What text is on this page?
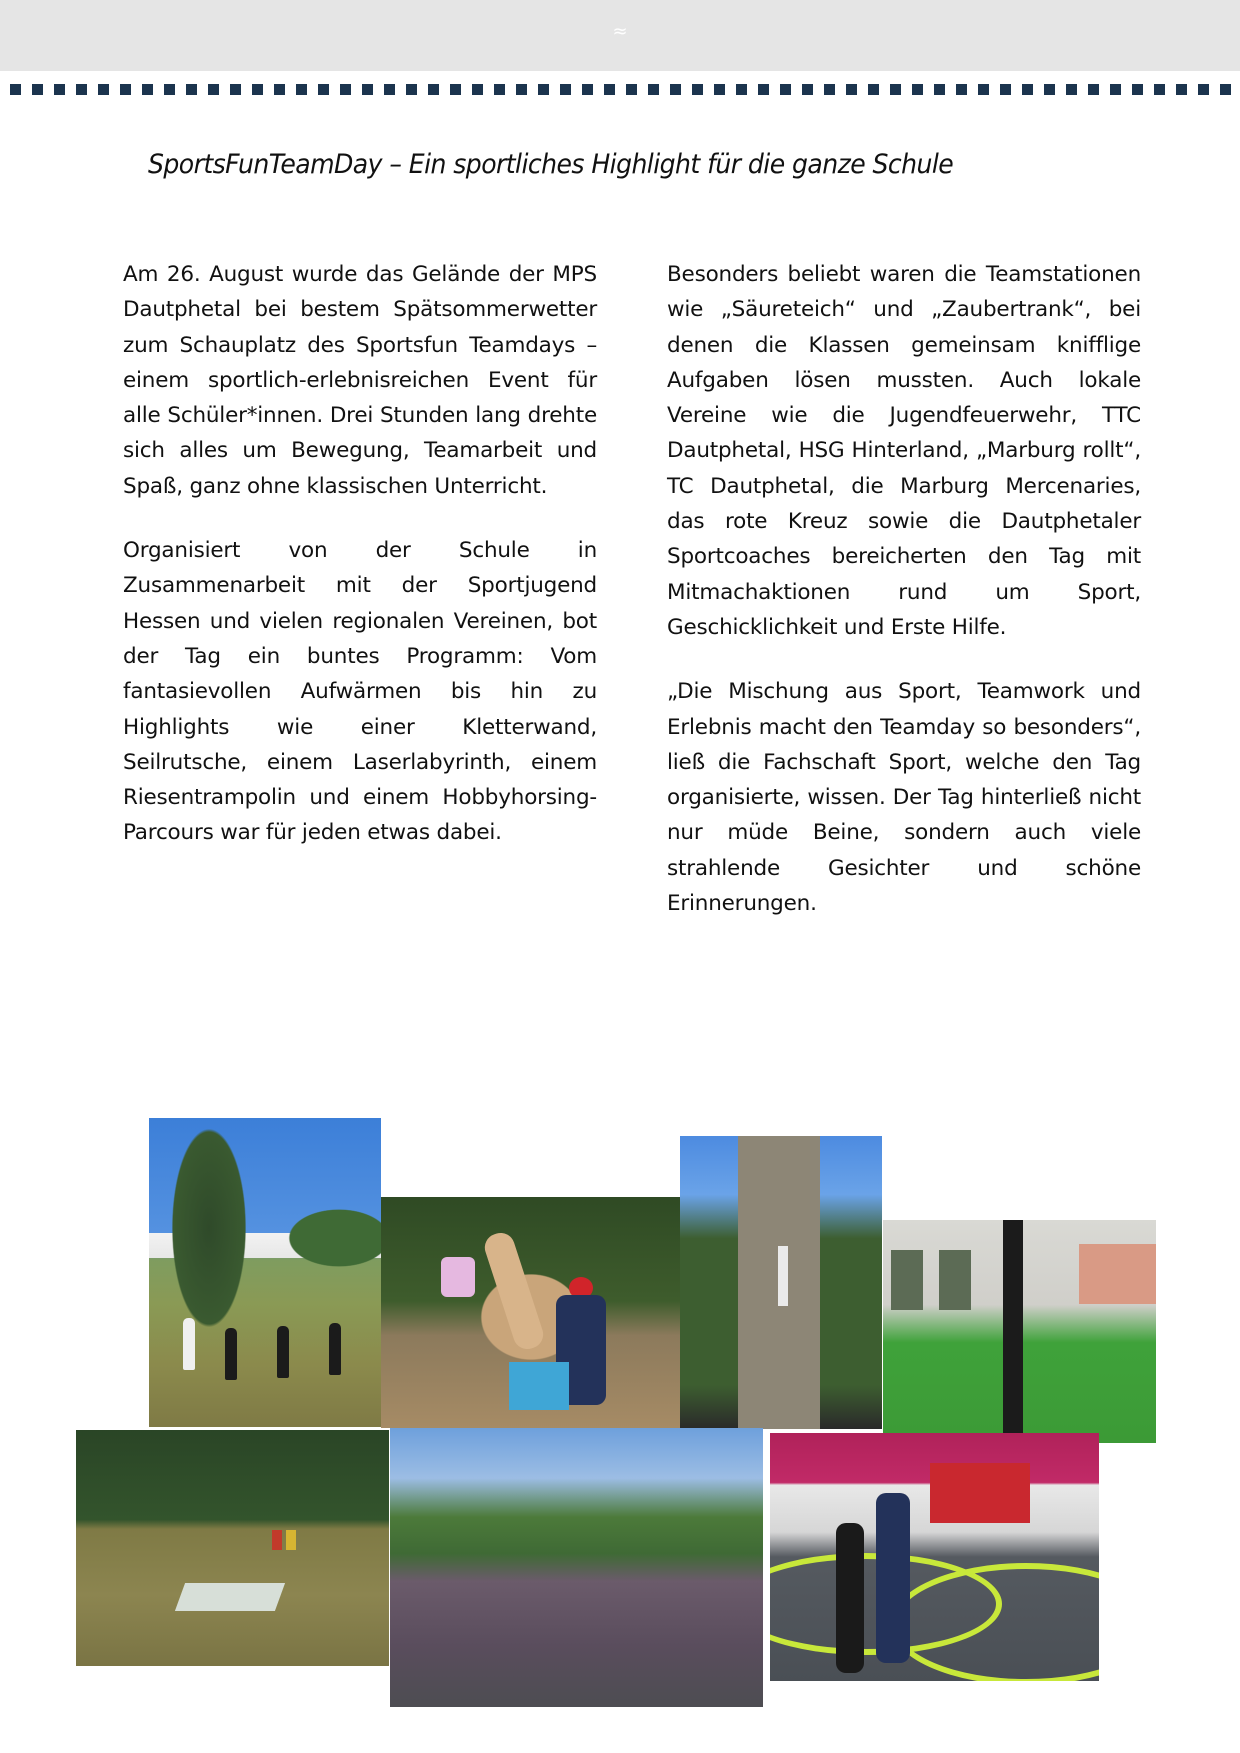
≈
SportsFunTeamDay – Ein sportliches Highlight für die ganze Schule

Am 26. August wurde das Gelände der MPS Dautphetal bei bestem Spätsommerwetter zum Schauplatz des Sportsfun Teamdays – einem sportlich-erlebnisreichen Event für alle Schüler*innen. Drei Stunden lang drehte sich alles um Bewegung, Teamarbeit und Spaß, ganz ohne klassischen Unterricht.

Organisiert von der Schule in Zusammenarbeit mit der Sportjugend Hessen und vielen regionalen Vereinen, bot der Tag ein buntes Programm: Vom fantasievollen Aufwärmen bis hin zu Highlights wie einer Kletterwand, Seilrutsche, einem Laserlabyrinth, einem Riesentrampolin und einem Hobbyhorsing-Parcours war für jeden etwas dabei.

Besonders beliebt waren die Teamstationen wie „Säureteich“ und „Zaubertrank“, bei denen die Klassen gemeinsam knifflige Aufgaben lösen mussten. Auch lokale Vereine wie die Jugendfeuerwehr, TTC Dautphetal, HSG Hinterland, „Marburg rollt“, TC Dautphetal, die Marburg Mercenaries, das rote Kreuz sowie die Dautphetaler Sportcoaches bereicherten den Tag mit Mitmachaktionen rund um Sport, Geschicklichkeit und Erste Hilfe.

„Die Mischung aus Sport, Teamwork und Erlebnis macht den Teamday so besonders“, ließ die Fachschaft Sport, welche den Tag organisierte, wissen. Der Tag hinterließ nicht nur müde Beine, sondern auch viele strahlende Gesichter und schöne Erinnerungen.
